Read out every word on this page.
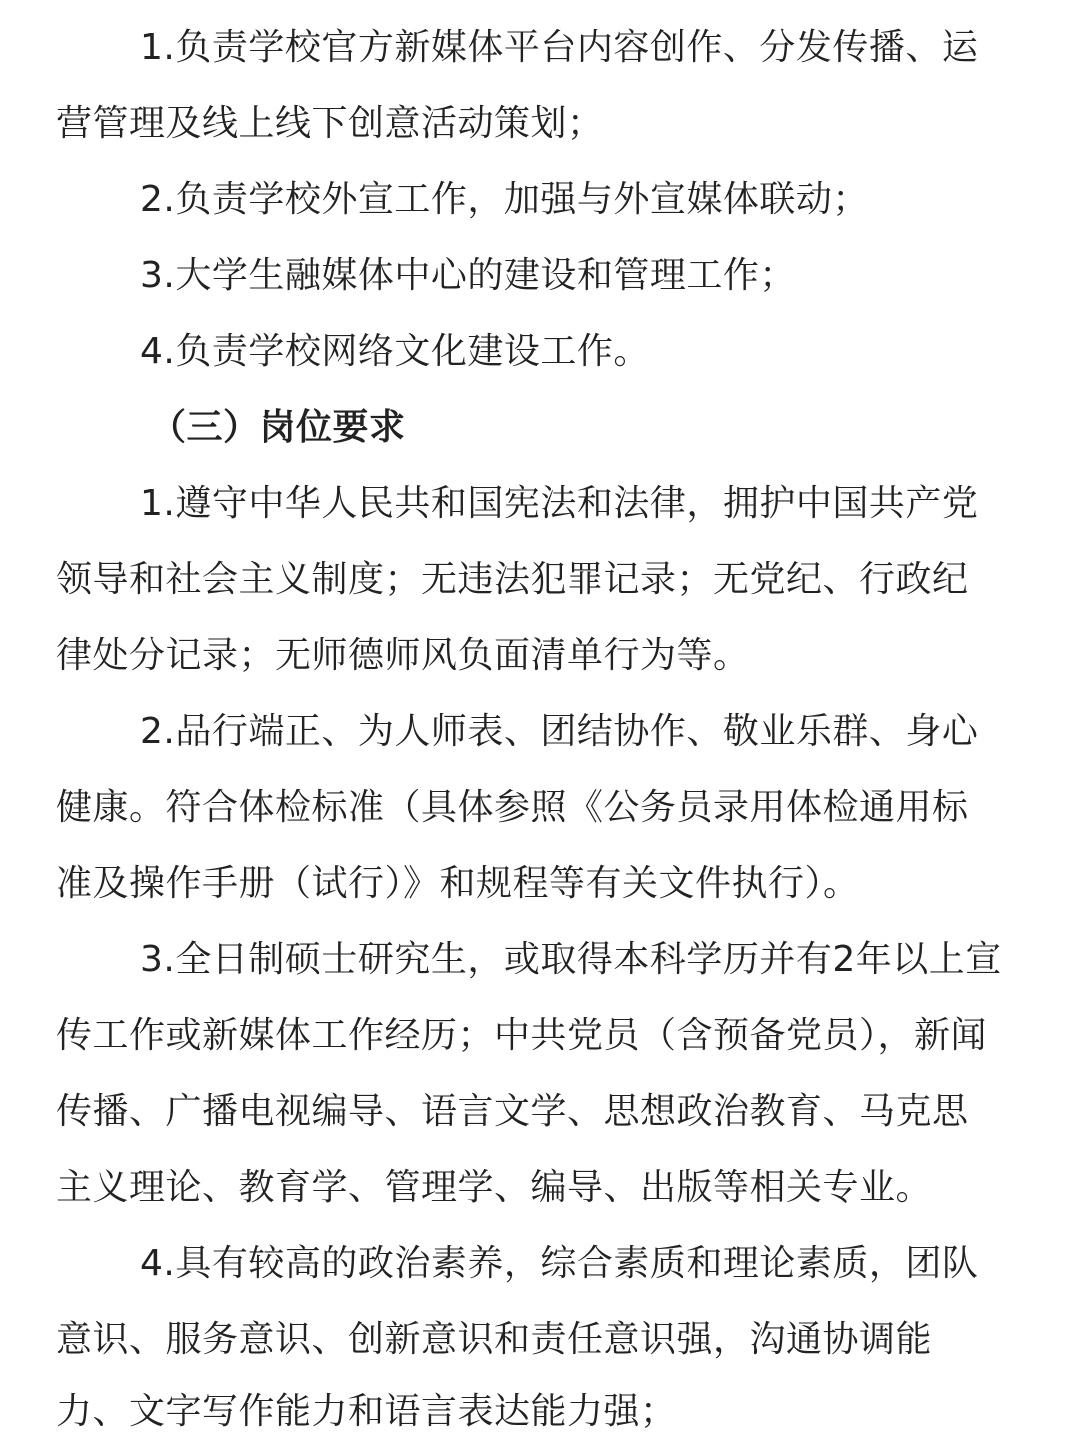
1.负责学校官方新媒体平台内容创作、分发传播、运
营管理及线上线下创意活动策划；
2.负责学校外宣工作，加强与外宣媒体联动；
3.大学生融媒体中心的建设和管理工作；
4.负责学校网络文化建设工作。
（三）岗位要求
1.遵守中华人民共和国宪法和法律，拥护中国共产党
领导和社会主义制度；无违法犯罪记录；无党纪、行政纪
律处分记录；无师德师风负面清单行为等。
2.品行端正、为人师表、团结协作、敬业乐群、身心
健康。符合体检标准（具体参照《公务员录用体检通用标
准及操作手册（试行）》和规程等有关文件执行）。
3.全日制硕士研究生，或取得本科学历并有2年以上宣
传工作或新媒体工作经历；中共党员（含预备党员），新闻
传播、广播电视编导、语言文学、思想政治教育、马克思
主义理论、教育学、管理学、编导、出版等相关专业。
4.具有较高的政治素养，综合素质和理论素质，团队
意识、服务意识、创新意识和责任意识强，沟通协调能
力、文字写作能力和语言表达能力强；
